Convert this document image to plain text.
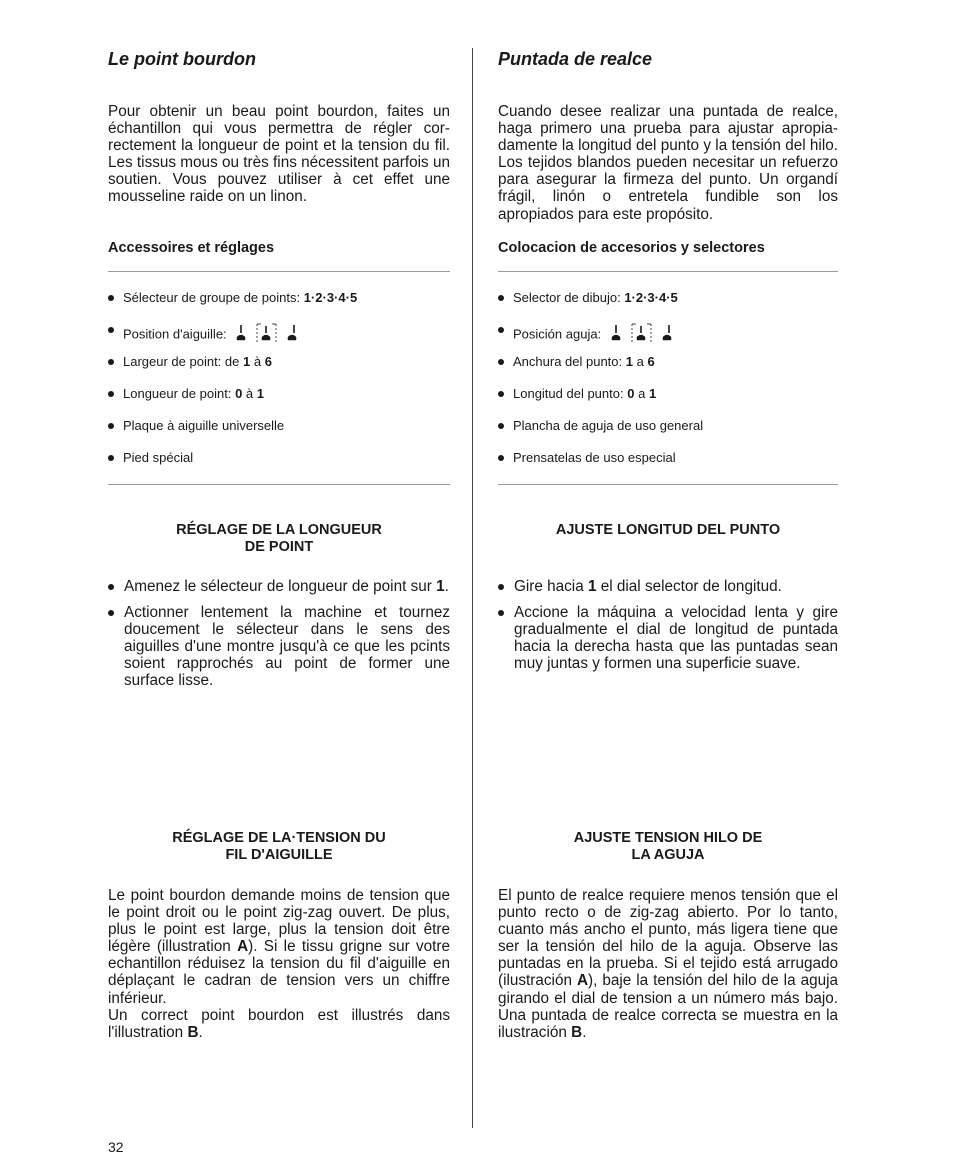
Le point bourdon

Pour obtenir un beau point bourdon, faites un échantillon qui vous permettra de régler correctement la longueur de point et la tension du fil. Les tissus mous ou très fins nécessitent parfois un soutien. Vous pouvez utiliser à cet effet une mousseline raide on un linon.

Accessoires et réglages
Sélecteur de groupe de points: 1·2·3·4·5
Position d'aiguille:
Largeur de point: de 1 à 6
Longueur de point: 0 à 1
Plaque à aiguille universelle
Pied spécial
RÉGLAGE DE LA LONGUEUR
DE POINT
Amenez le sélecteur de longueur de point sur 1.
Actionner lentement la machine et tournez doucement le sélecteur dans le sens des aiguilles d'une montre jusqu'à ce que les pcints soient rapprochés au point de former une surface lisse.
RÉGLAGE DE LA·TENSION DU
FIL D'AIGUILLE

Le point bourdon demande moins de tension que le point droit ou le point zig-zag ouvert. De plus, plus le point est large, plus la tension doit être légère (illustration A). Si le tissu grigne sur votre echantillon réduisez la tension du fil d'aiguille en déplaçant le cadran de tension vers un chiffre inférieur.
Un correct point bourdon est illustrés dans l'illustration B.

Puntada de realce

Cuando desee realizar una puntada de realce, haga primero una prueba para ajustar apropiadamente la longitud del punto y la tensión del hilo. Los tejidos blandos pueden necesitar un refuerzo para asegurar la firmeza del punto. Un organdí frágil, linón o entretela fundible son los apropiados para este propósito.

Colocacion de accesorios y selectores
Selector de dibujo: 1·2·3·4·5
Posición aguja:
Anchura del punto: 1 a 6
Longitud del punto: 0 a 1
Plancha de aguja de uso general
Prensatelas de uso especial
AJUSTE LONGITUD DEL PUNTO
Gire hacia 1 el dial selector de longitud.
Accione la máquina a velocidad lenta y gire gradualmente el dial de longitud de puntada hacia la derecha hasta que las puntadas sean muy juntas y formen una superficie suave.
AJUSTE TENSION HILO DE
LA AGUJA

El punto de realce requiere menos tensión que el punto recto o de zig-zag abierto. Por lo tanto, cuanto más ancho el punto, más ligera tiene que ser la tensión del hilo de la aguja. Observe las puntadas en la prueba. Si el tejido está arrugado (ilustración A), baje la tensión del hilo de la aguja girando el dial de tension a un número más bajo. Una puntada de realce correcta se muestra en la ilustración B.

32
